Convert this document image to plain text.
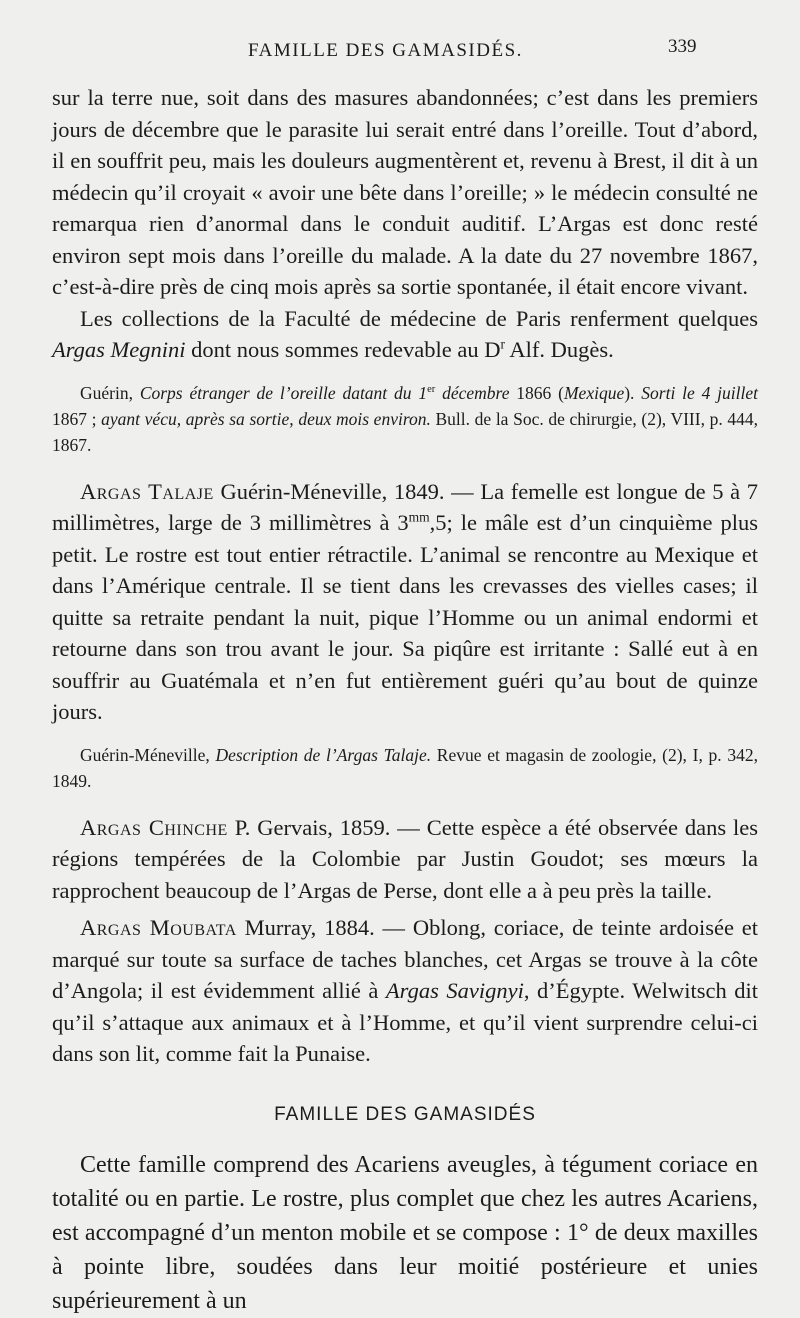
FAMILLE DES GAMASIDÉS.	339

sur la terre nue, soit dans des masures abandonnées; c’est dans les premiers jours de décembre que le parasite lui serait entré dans l’oreille. Tout d’abord, il en souffrit peu, mais les douleurs augmentèrent et, revenu à Brest, il dit à un médecin qu’il croyait « avoir une bête dans l’oreille; » le médecin consulté ne remarqua rien d’anormal dans le conduit auditif. L’Argas est donc resté environ sept mois dans l’oreille du malade. A la date du 27 novembre 1867, c’est-à-dire près de cinq mois après sa sortie spontanée, il était encore vivant.

Les collections de la Faculté de médecine de Paris renferment quelques Argas Megnini dont nous sommes redevable au $D^r$ Alf. Dugès.

Guérin, Corps étranger de l’oreille datant du 1er décembre 1866 (Mexique). Sorti le 4 juillet 1867 ; ayant vécu, après sa sortie, deux mois environ. Bull. de la Soc. de chirurgie, (2), VIII, p. 444, 1867.

Argas Talaje Guérin-Méneville, 1849. — La femelle est longue de 5 à 7 millimètres, large de 3 millimètres à $3^{mm},5$; le mâle est d’un cinquième plus petit. Le rostre est tout entier rétractile. L’animal se rencontre au Mexique et dans l’Amérique centrale. Il se tient dans les crevasses des vielles cases; il quitte sa retraite pendant la nuit, pique l’Homme ou un animal endormi et retourne dans son trou avant le jour. Sa piqûre est irritante : Sallé eut à en souffrir au Guatémala et n’en fut entièrement guéri qu’au bout de quinze jours.

Guérin-Méneville, Description de l’Argas Talaje. Revue et magasin de zoologie, (2), I, p. 342, 1849.

Argas Chinche P. Gervais, 1859. — Cette espèce a été observée dans les régions tempérées de la Colombie par Justin Goudot; ses mœurs la rapprochent beaucoup de l’Argas de Perse, dont elle a à peu près la taille.

Argas Moubata Murray, 1884. — Oblong, coriace, de teinte ardoisée et marqué sur toute sa surface de taches blanches, cet Argas se trouve à la côte d’Angola; il est évidemment allié à Argas Savignyi, d’Égypte. Welwitsch dit qu’il s’attaque aux animaux et à l’Homme, et qu’il vient surprendre celui-ci dans son lit, comme fait la Punaise.

FAMILLE DES GAMASIDÉS

Cette famille comprend des Acariens aveugles, à tégument coriace en totalité ou en partie. Le rostre, plus complet que chez les autres Acariens, est accompagné d’un menton mobile et se compose : 1° de deux maxilles à pointe libre, soudées dans leur moitié postérieure et unies supérieurement à un
